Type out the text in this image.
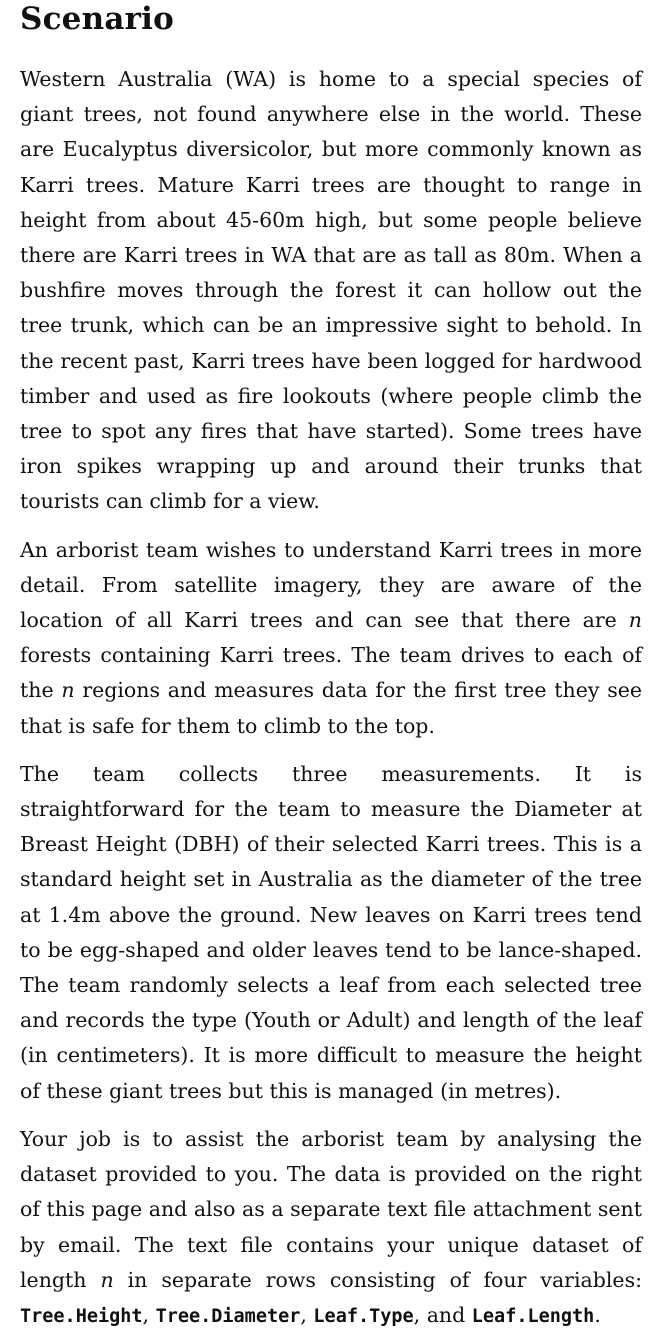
Scenario

Western Australia (WA) is home to a special species of giant trees, not found anywhere else in the world. These are Eucalyptus diversicolor, but more commonly known as Karri trees. Mature Karri trees are thought to range in height from about 45-60m high, but some people believe there are Karri trees in WA that are as tall as 80m. When a bushfire moves through the forest it can hollow out the tree trunk, which can be an impressive sight to behold. In the recent past, Karri trees have been logged for hardwood timber and used as fire lookouts (where people climb the tree to spot any fires that have started). Some trees have iron spikes wrapping up and around their trunks that tourists can climb for a view.

An arborist team wishes to understand Karri trees in more detail. From satellite imagery, they are aware of the location of all Karri trees and can see that there are n forests containing Karri trees. The team drives to each of the n regions and measures data for the first tree they see that is safe for them to climb to the top.

The team collects three measurements. It is straightforward for the team to measure the Diameter at Breast Height (DBH) of their selected Karri trees. This is a standard height set in Australia as the diameter of the tree at 1.4m above the ground. New leaves on Karri trees tend to be egg-shaped and older leaves tend to be lance-shaped. The team randomly selects a leaf from each selected tree and records the type (Youth or Adult) and length of the leaf (in centimeters). It is more difficult to measure the height of these giant trees but this is managed (in metres).

Your job is to assist the arborist team by analysing the dataset provided to you. The data is provided on the right of this page and also as a separate text file attachment sent by email. The text file contains your unique dataset of length n in separate rows consisting of four variables: Tree.Height, Tree.Diameter, Leaf.Type, and Leaf.Length.
